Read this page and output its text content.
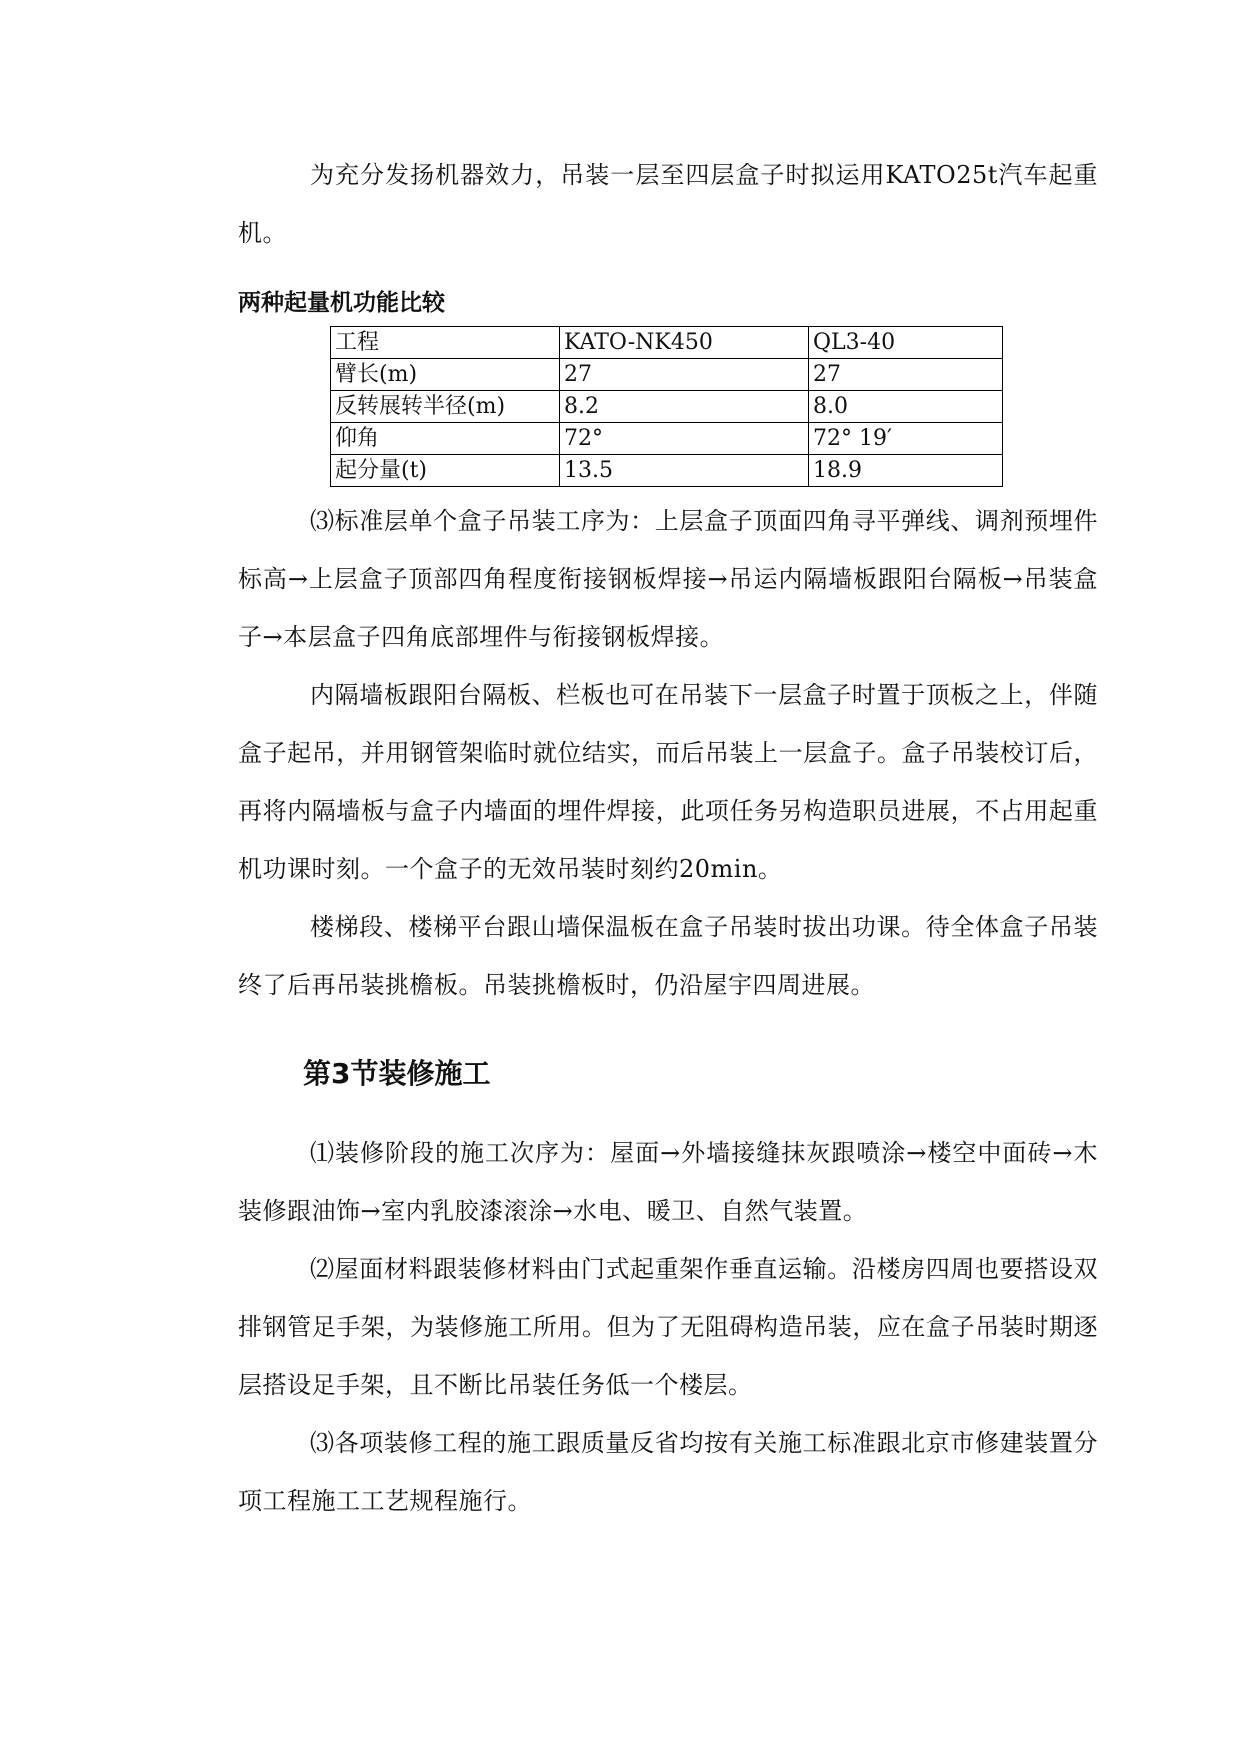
为充分发扬机器效力，吊装一层至四层盒子时拟运用KATO25t汽车起重机。

两种起量机功能比较

工程	KATO-NK450	QL3-40
臂长(m)	27	27
反转展转半径(m)	8.2	8.0
仰角	72°	72° 19′
起分量(t)	13.5	18.9

⑶标准层单个盒子吊装工序为：上层盒子顶面四角寻平弹线、调剂预埋件标高→上层盒子顶部四角程度衔接钢板焊接→吊运内隔墙板跟阳台隔板→吊装盒子→本层盒子四角底部埋件与衔接钢板焊接。

内隔墙板跟阳台隔板、栏板也可在吊装下一层盒子时置于顶板之上，伴随盒子起吊，并用钢管架临时就位结实，而后吊装上一层盒子。盒子吊装校订后，再将内隔墙板与盒子内墙面的埋件焊接，此项任务另构造职员进展，不占用起重机功课时刻。一个盒子的无效吊装时刻约20min。

楼梯段、楼梯平台跟山墙保温板在盒子吊装时拔出功课。待全体盒子吊装终了后再吊装挑檐板。吊装挑檐板时，仍沿屋宇四周进展。

第3节装修施工

⑴装修阶段的施工次序为：屋面→外墙接缝抹灰跟喷涂→楼空中面砖→木装修跟油饰→室内乳胶漆滚涂→水电、暖卫、自然气装置。

⑵屋面材料跟装修材料由门式起重架作垂直运输。沿楼房四周也要搭设双排钢管足手架，为装修施工所用。但为了无阻碍构造吊装，应在盒子吊装时期逐层搭设足手架，且不断比吊装任务低一个楼层。

⑶各项装修工程的施工跟质量反省均按有关施工标准跟北京市修建装置分项工程施工工艺规程施行。
